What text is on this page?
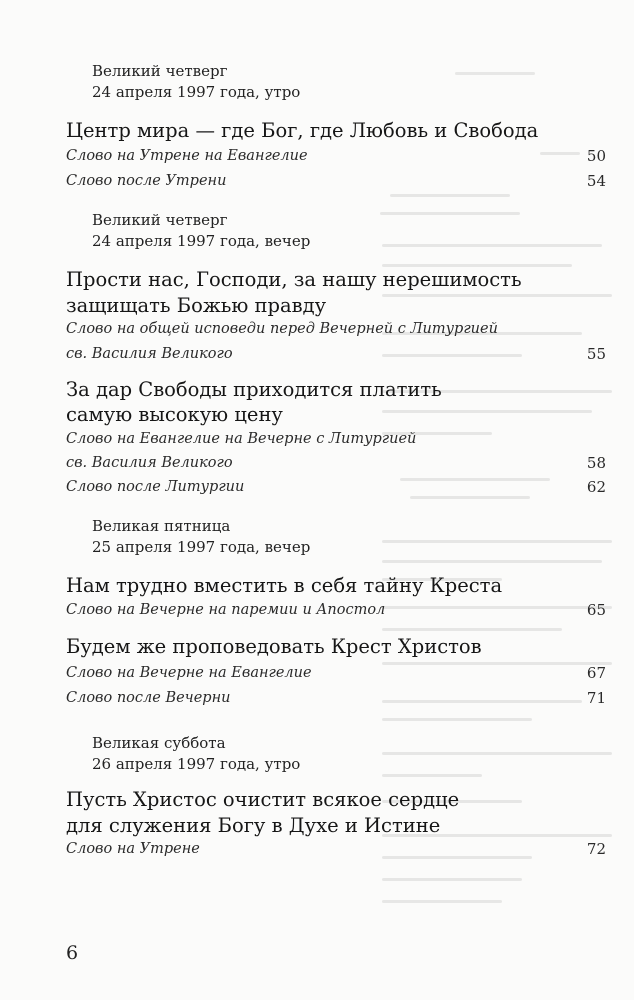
Великий четверг
24 апреля 1997 года, утро
Центр мира — где Бог, где Любовь и Свобода
Слово на Утрене на Евангелие	50
Слово после Утрени	54
Великий четверг
24 апреля 1997 года, вечер
Прости нас, Господи, за нашу нерешимость
защищать Божью правду
Слово на общей исповеди перед Вечерней с Литургией
св. Василия Великого	55
За дар Свободы приходится платить
самую высокую цену
Слово на Евангелие на Вечерне с Литургией
св. Василия Великого	58
Слово после Литургии	62
Великая пятница
25 апреля 1997 года, вечер
Нам трудно вместить в себя тайну Креста
Слово на Вечерне на паремии и Апостол	65
Будем же проповедовать Крест Христов
Слово на Вечерне на Евангелие	67
Слово после Вечерни	71
Великая суббота
26 апреля 1997 года, утро
Пусть Христос очистит всякое сердце
для служения Богу в Духе и Истине
Слово на Утрене	72
6
